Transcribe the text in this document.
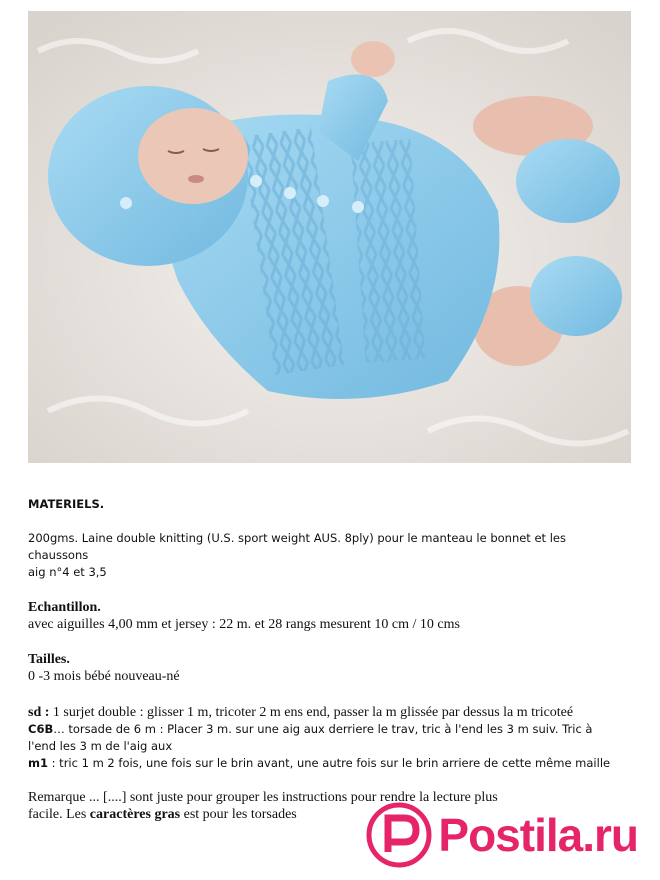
MATERIELS.
200gms. Laine double knitting (U.S. sport weight AUS. 8ply) pour le manteau le bonnet et les
chaussons
aig n°4 et 3,5
Echantillon.
avec aiguilles 4,00 mm et jersey : 22 m. et 28 rangs mesurent 10 cm / 10 cms
Tailles.
0 -3 mois bébé nouveau-né
sd : 1 surjet double : glisser 1 m, tricoter 2 m ens end, passer la m glissée par dessus la m tricoteé
C6B… torsade de 6 m : Placer 3 m. sur une aig aux derriere le trav, tric à l'end les 3 m suiv. Tric à
l'end les 3 m de l'aig aux
m1 : tric 1 m 2 fois, une fois sur le brin avant, une autre fois sur le brin arriere de cette même maille
Remarque ... [....] sont juste pour grouper les instructions pour rendre la lecture plus
facile. Les caractères gras est pour les torsades	Postila.ru
